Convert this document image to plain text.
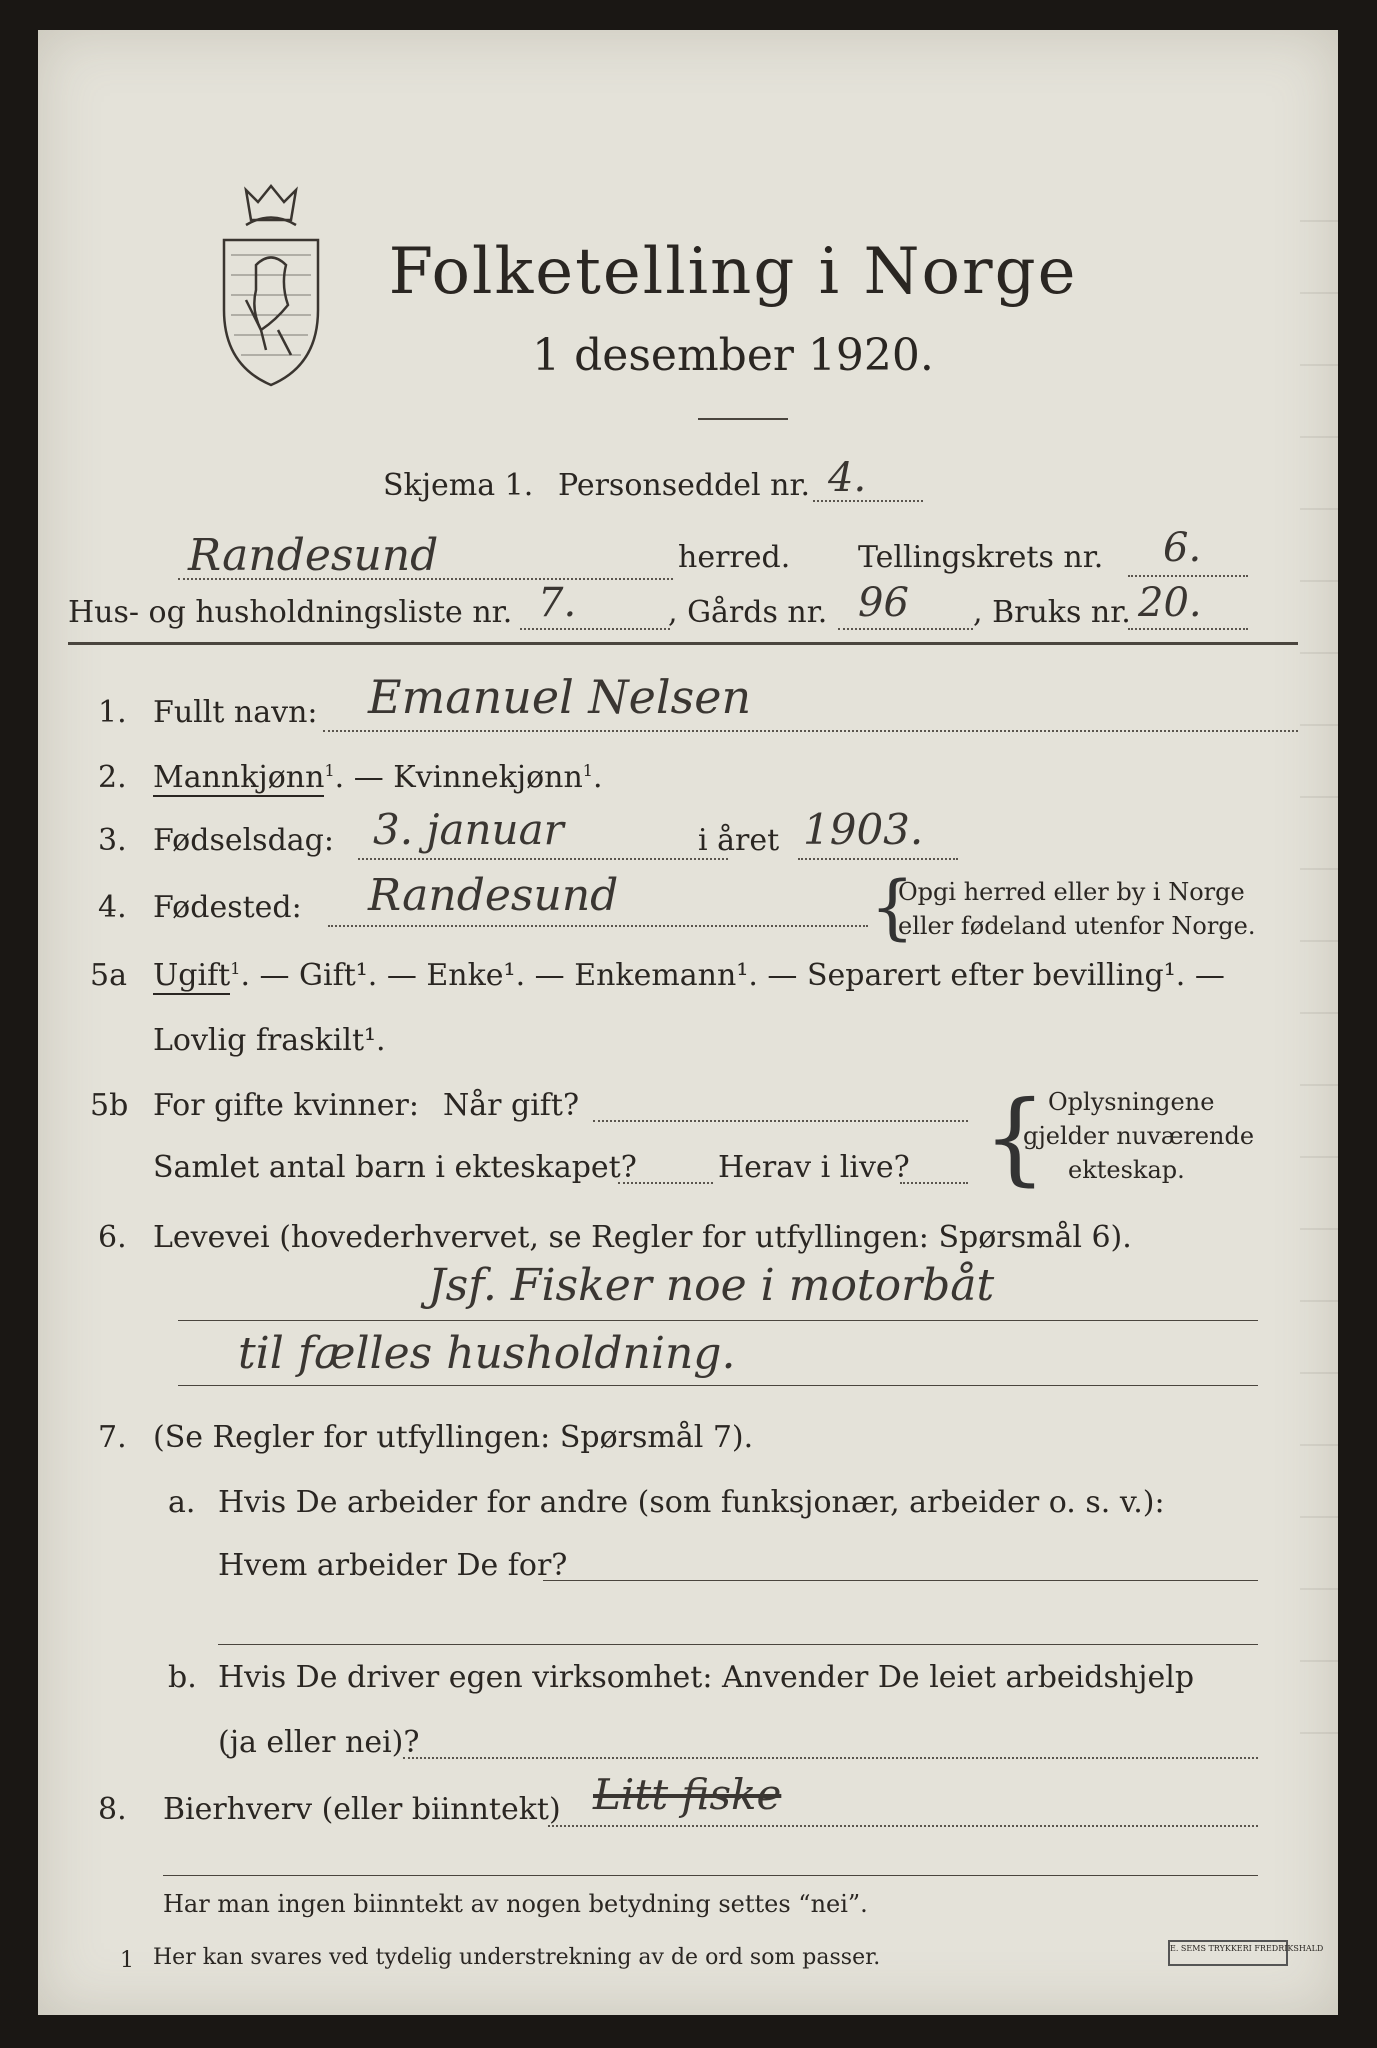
Folketelling i Norge
1 desember 1920.
Skjema 1. Personseddel nr. 4.
Randesund	herred. Tellingskrets nr. 6.
Hus- og husholdningsliste nr. 7.	, Gårds nr. 96 , Bruks nr. 20.
1. Fullt navn: Emanuel Nelsen
2. Mannkjønn$^1$. — Kvinnekjønn$^1$.
3. Fødselsdag: 3. januar	i året 1903.
4. Fødested: Randesund	{
Opgi herred eller by i Norge
eller fødeland utenfor Norge.
5a Ugift$^1$. — Gift¹. — Enke¹. — Enkemann¹. — Separert efter bevilling¹. —
Lovlig fraskilt¹.
5b For gifte kvinner: Når gift?
Samlet antal barn i ekteskapet?	Herav i live? { Oplysningene
gjelder nuværende
ekteskap.
6. Levevei (hovederhvervet, se Regler for utfyllingen: Spørsmål 6).
Jsf. Fisker noe i motorbåt
til fælles husholdning.
7. (Se Regler for utfyllingen: Spørsmål 7).
a. Hvis De arbeider for andre (som funksjonær, arbeider o. s. v.):
Hvem arbeider De for?
b. Hvis De driver egen virksomhet: Anvender De leiet arbeidshjelp
(ja eller nei)?
8. Bierhverv (eller biinntekt) Litt fiske
Har man ingen biinntekt av nogen betydning settes “nei”.
1 Her kan svares ved tydelig understrekning av de ord som passer.	E. SEMS TRYKKERI FREDRIKSHALD
